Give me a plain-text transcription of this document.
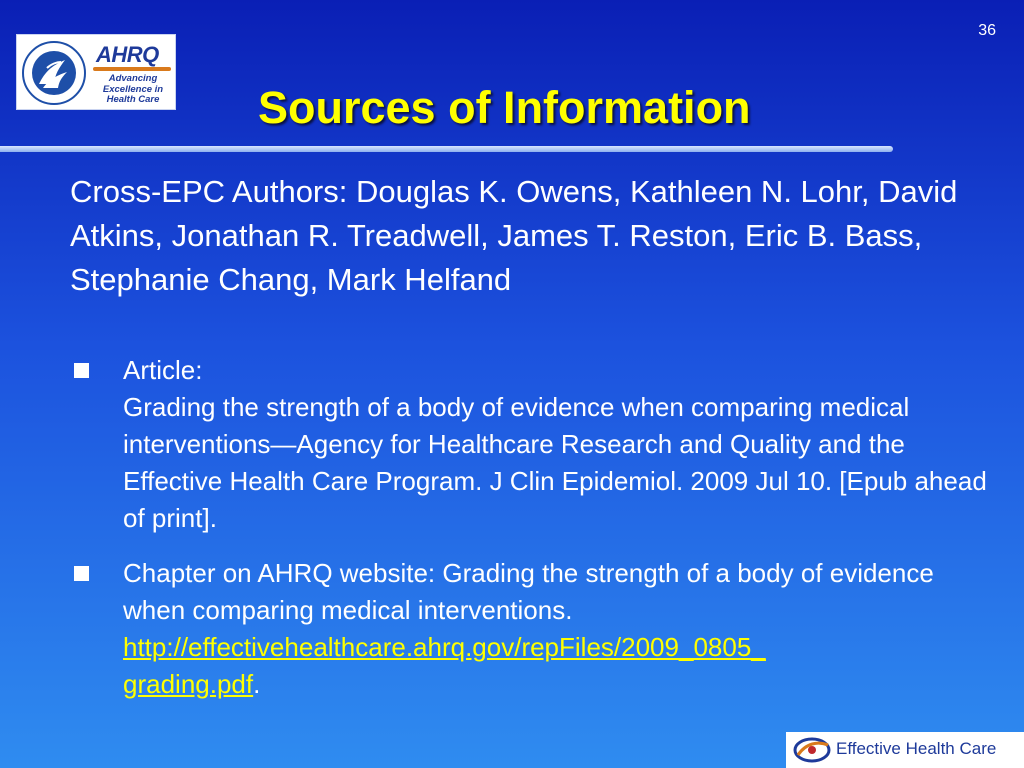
36
AHRQ
Advancing Excellence in Health Care	Sources of Information

Cross-EPC Authors: Douglas K. Owens, Kathleen N. Lohr, David Atkins, Jonathan R. Treadwell, James T. Reston, Eric B. Bass, Stephanie Chang, Mark Helfand

Article:
Grading the strength of a body of evidence when comparing medical interventions—Agency for Healthcare Research and Quality and the Effective Health Care Program. J Clin Epidemiol. 2009 Jul 10. [Epub ahead of print].
Chapter on AHRQ website: Grading the strength of a body of evidence when comparing medical interventions. http://effectivehealthcare.ahrq.gov/repFiles/2009_0805_
grading.pdf.
Effective Health Care
